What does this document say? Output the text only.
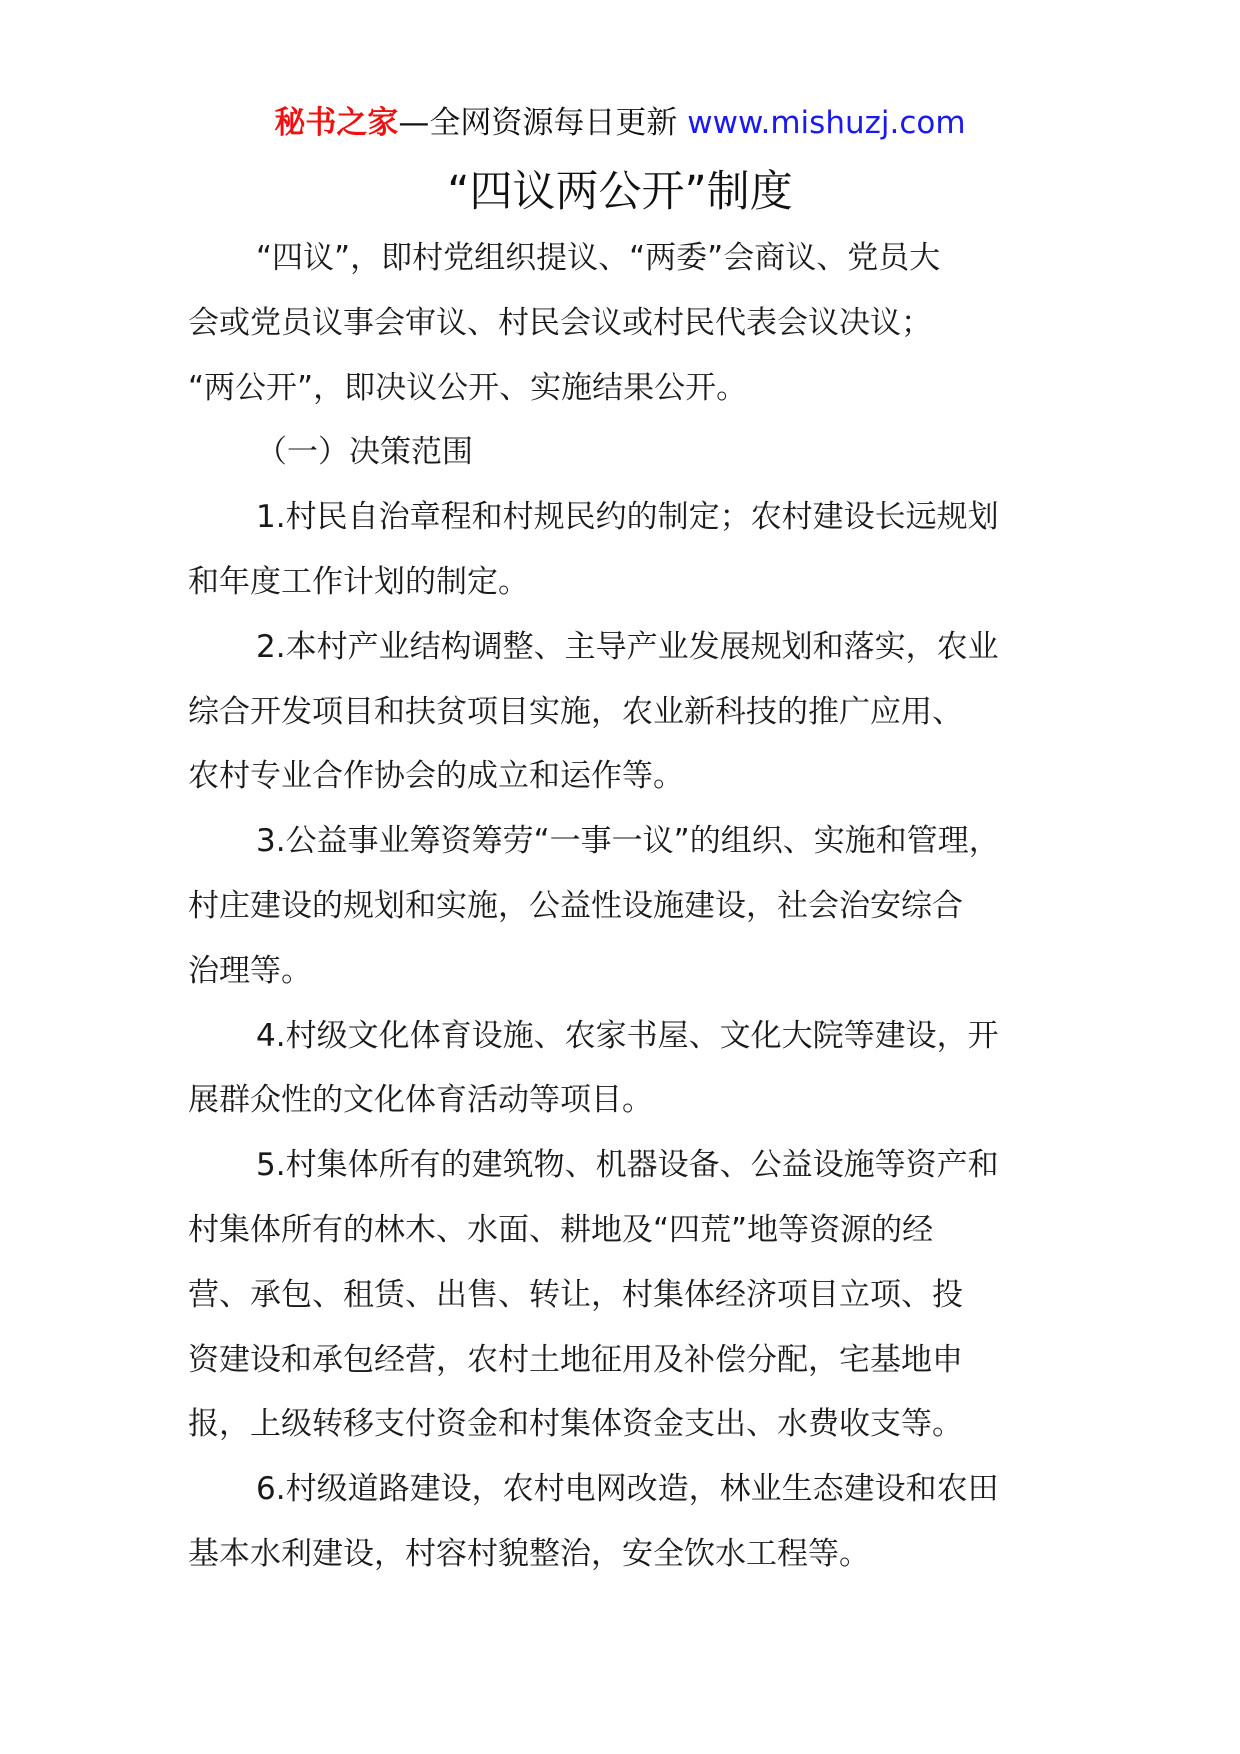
秘书之家—全网资源每日更新 www.mishuzj.com
“四议两公开”制度
“四议”，即村党组织提议、“两委”会商议、党员大
会或党员议事会审议、村民会议或村民代表会议决议；
“两公开”，即决议公开、实施结果公开。
（一）决策范围
1.村民自治章程和村规民约的制定；农村建设长远规划
和年度工作计划的制定。
2.本村产业结构调整、主导产业发展规划和落实，农业
综合开发项目和扶贫项目实施，农业新科技的推广应用、
农村专业合作协会的成立和运作等。
3.公益事业筹资筹劳“一事一议”的组织、实施和管理，
村庄建设的规划和实施，公益性设施建设，社会治安综合
治理等。
4.村级文化体育设施、农家书屋、文化大院等建设，开
展群众性的文化体育活动等项目。
5.村集体所有的建筑物、机器设备、公益设施等资产和
村集体所有的林木、水面、耕地及“四荒”地等资源的经
营、承包、租赁、出售、转让，村集体经济项目立项、投
资建设和承包经营，农村土地征用及补偿分配，宅基地申
报，上级转移支付资金和村集体资金支出、水费收支等。
6.村级道路建设，农村电网改造，林业生态建设和农田
基本水利建设，村容村貌整治，安全饮水工程等。
